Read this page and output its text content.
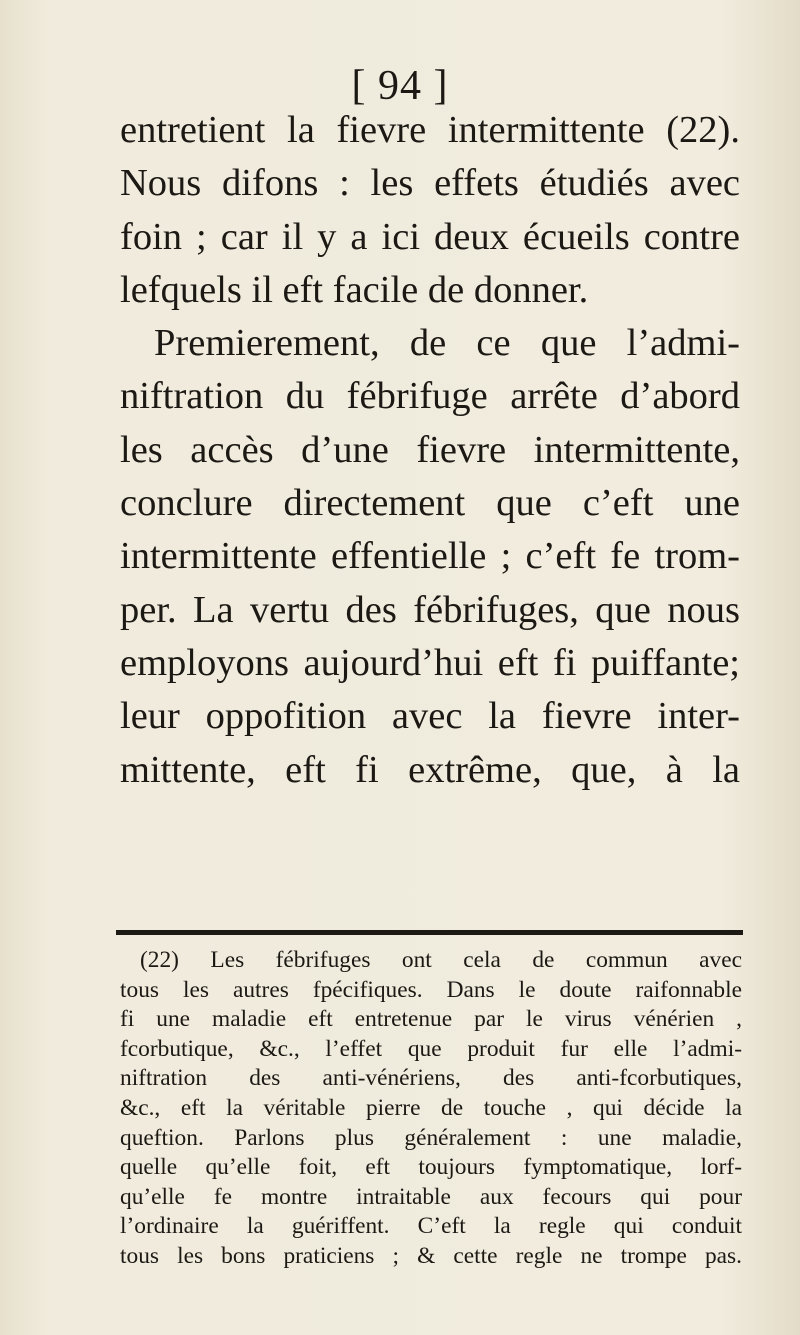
[ 94 ]
entretient la fievre intermittente (22).
Nous difons : les effets étudiés avec
foin ; car il y a ici deux écueils contre
lefquels il eft facile de donner.
Premierement, de ce que l’admi-
niftration du fébrifuge arrête d’abord
les accès d’une fievre intermittente,
conclure directement que c’eft une
intermittente effentielle ; c’eft fe trom-
per. La vertu des fébrifuges, que nous
employons aujourd’hui eft fi puiffante;
leur oppofition avec la fievre inter-
mittente, eft fi extrême, que, à la
(22) Les fébrifuges ont cela de commun avec
tous les autres fpécifiques. Dans le doute raifonnable
fi une maladie eft entretenue par le virus vénérien ,
fcorbutique, &c., l’effet que produit fur elle l’admi-
niftration des anti-vénériens, des anti-fcorbutiques,
&c., eft la véritable pierre de touche , qui décide la
queftion. Parlons plus généralement : une maladie,
quelle qu’elle foit, eft toujours fymptomatique, lorf-
qu’elle fe montre intraitable aux fecours qui pour
l’ordinaire la guériffent. C’eft la regle qui conduit
tous les bons praticiens ; & cette regle ne trompe pas.
